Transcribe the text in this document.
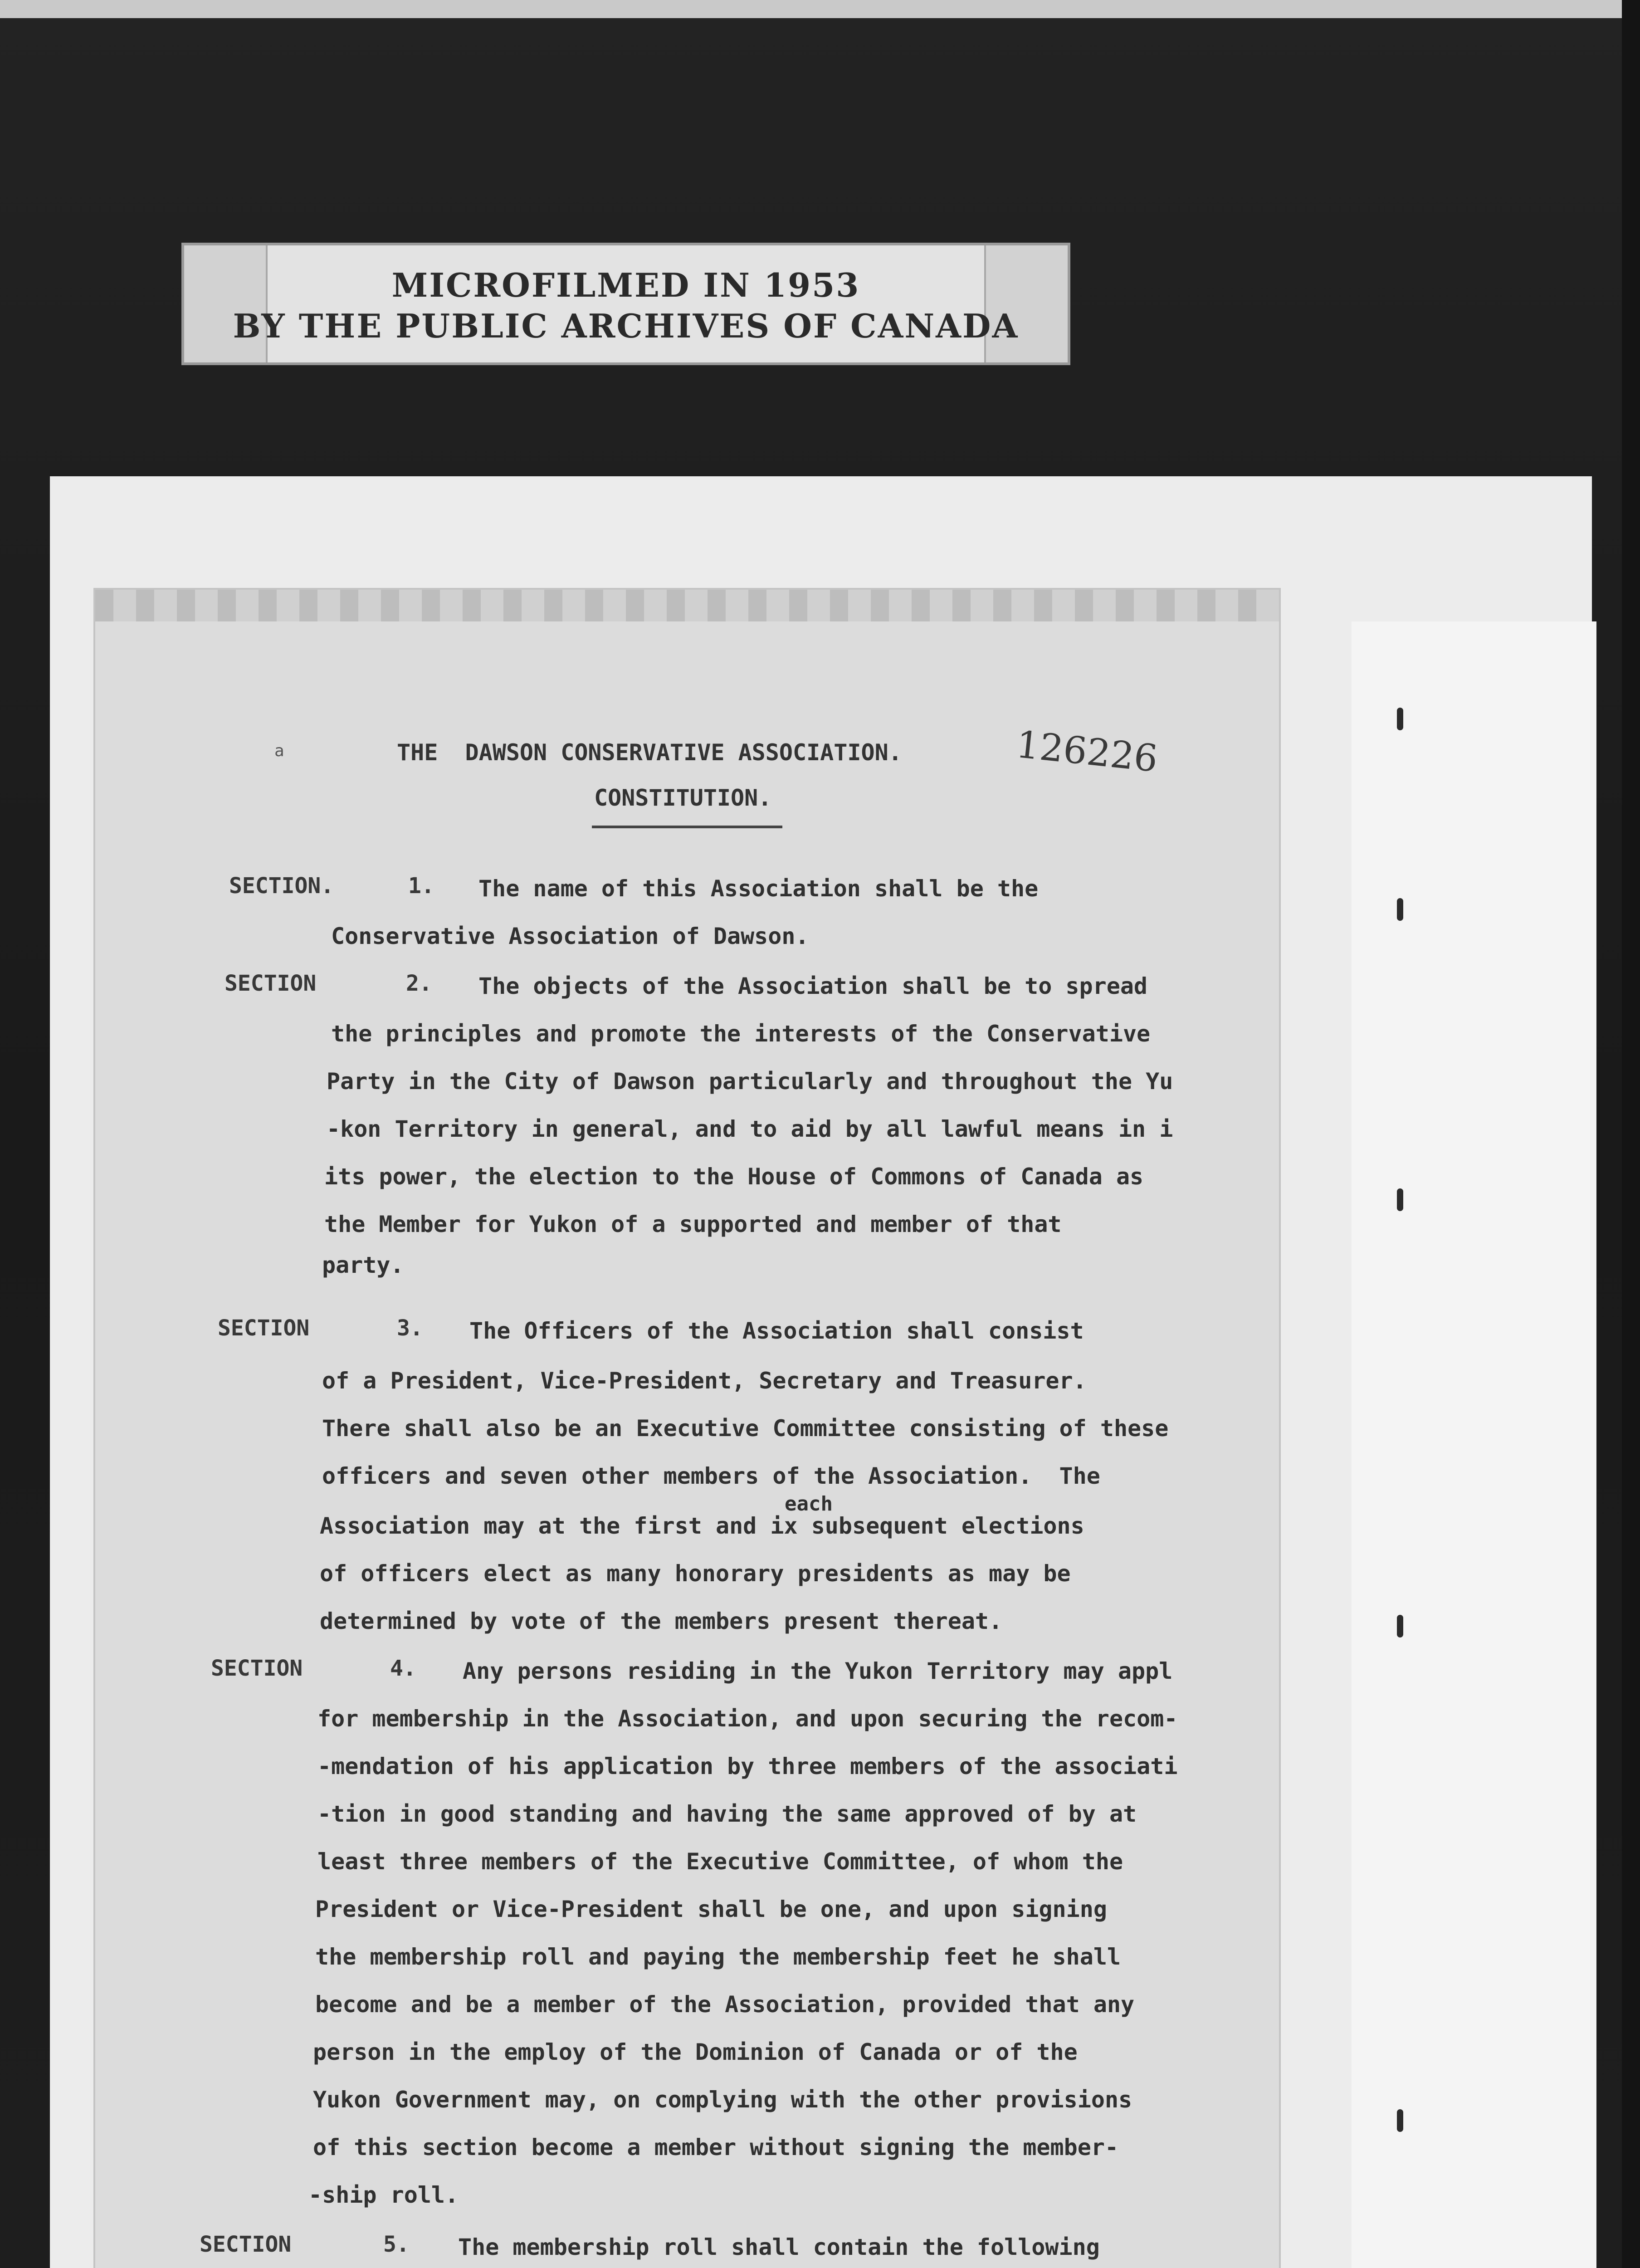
MICROFILMED IN 1953
BY THE PUBLIC ARCHIVES OF CANADA
a	THE  DAWSON CONSERVATIVE ASSOCIATION.
CONSTITUTION.
126226
SECTION.	1. The name of this Association shall be the
Conservative Association of Dawson.
SECTION	2. The objects of the Association shall be to spread
the principles and promote the interests of the Conservative
Party in the City of Dawson particularly and throughout the Yu
-kon Territory in general, and to aid by all lawful means in i
its power, the election to the House of Commons of Canada as
the Member for Yukon of a supported and member of that
party.
SECTION	3. The Officers of the Association shall consist
of a President, Vice-President, Secretary and Treasurer.
There shall also be an Executive Committee consisting of these
officers and seven other members of the Association.  The
each
Association may at the first and ix subsequent elections
of officers elect as many honorary presidents as may be
determined by vote of the members present thereat.
SECTION	4. Any persons residing in the Yukon Territory may appl
for membership in the Association, and upon securing the recom-
-mendation of his application by three members of the associati
-tion in good standing and having the same approved of by at
least three members of the Executive Committee, of whom the
President or Vice-President shall be one, and upon signing
the membership roll and paying the membership feet he shall
become and be a member of the Association, provided that any
person in the employ of the Dominion of Canada or of the
Yukon Government may, on complying with the other provisions
of this section become a member without signing the member-
-ship roll.
SECTION	5. The membership roll shall contain the following
